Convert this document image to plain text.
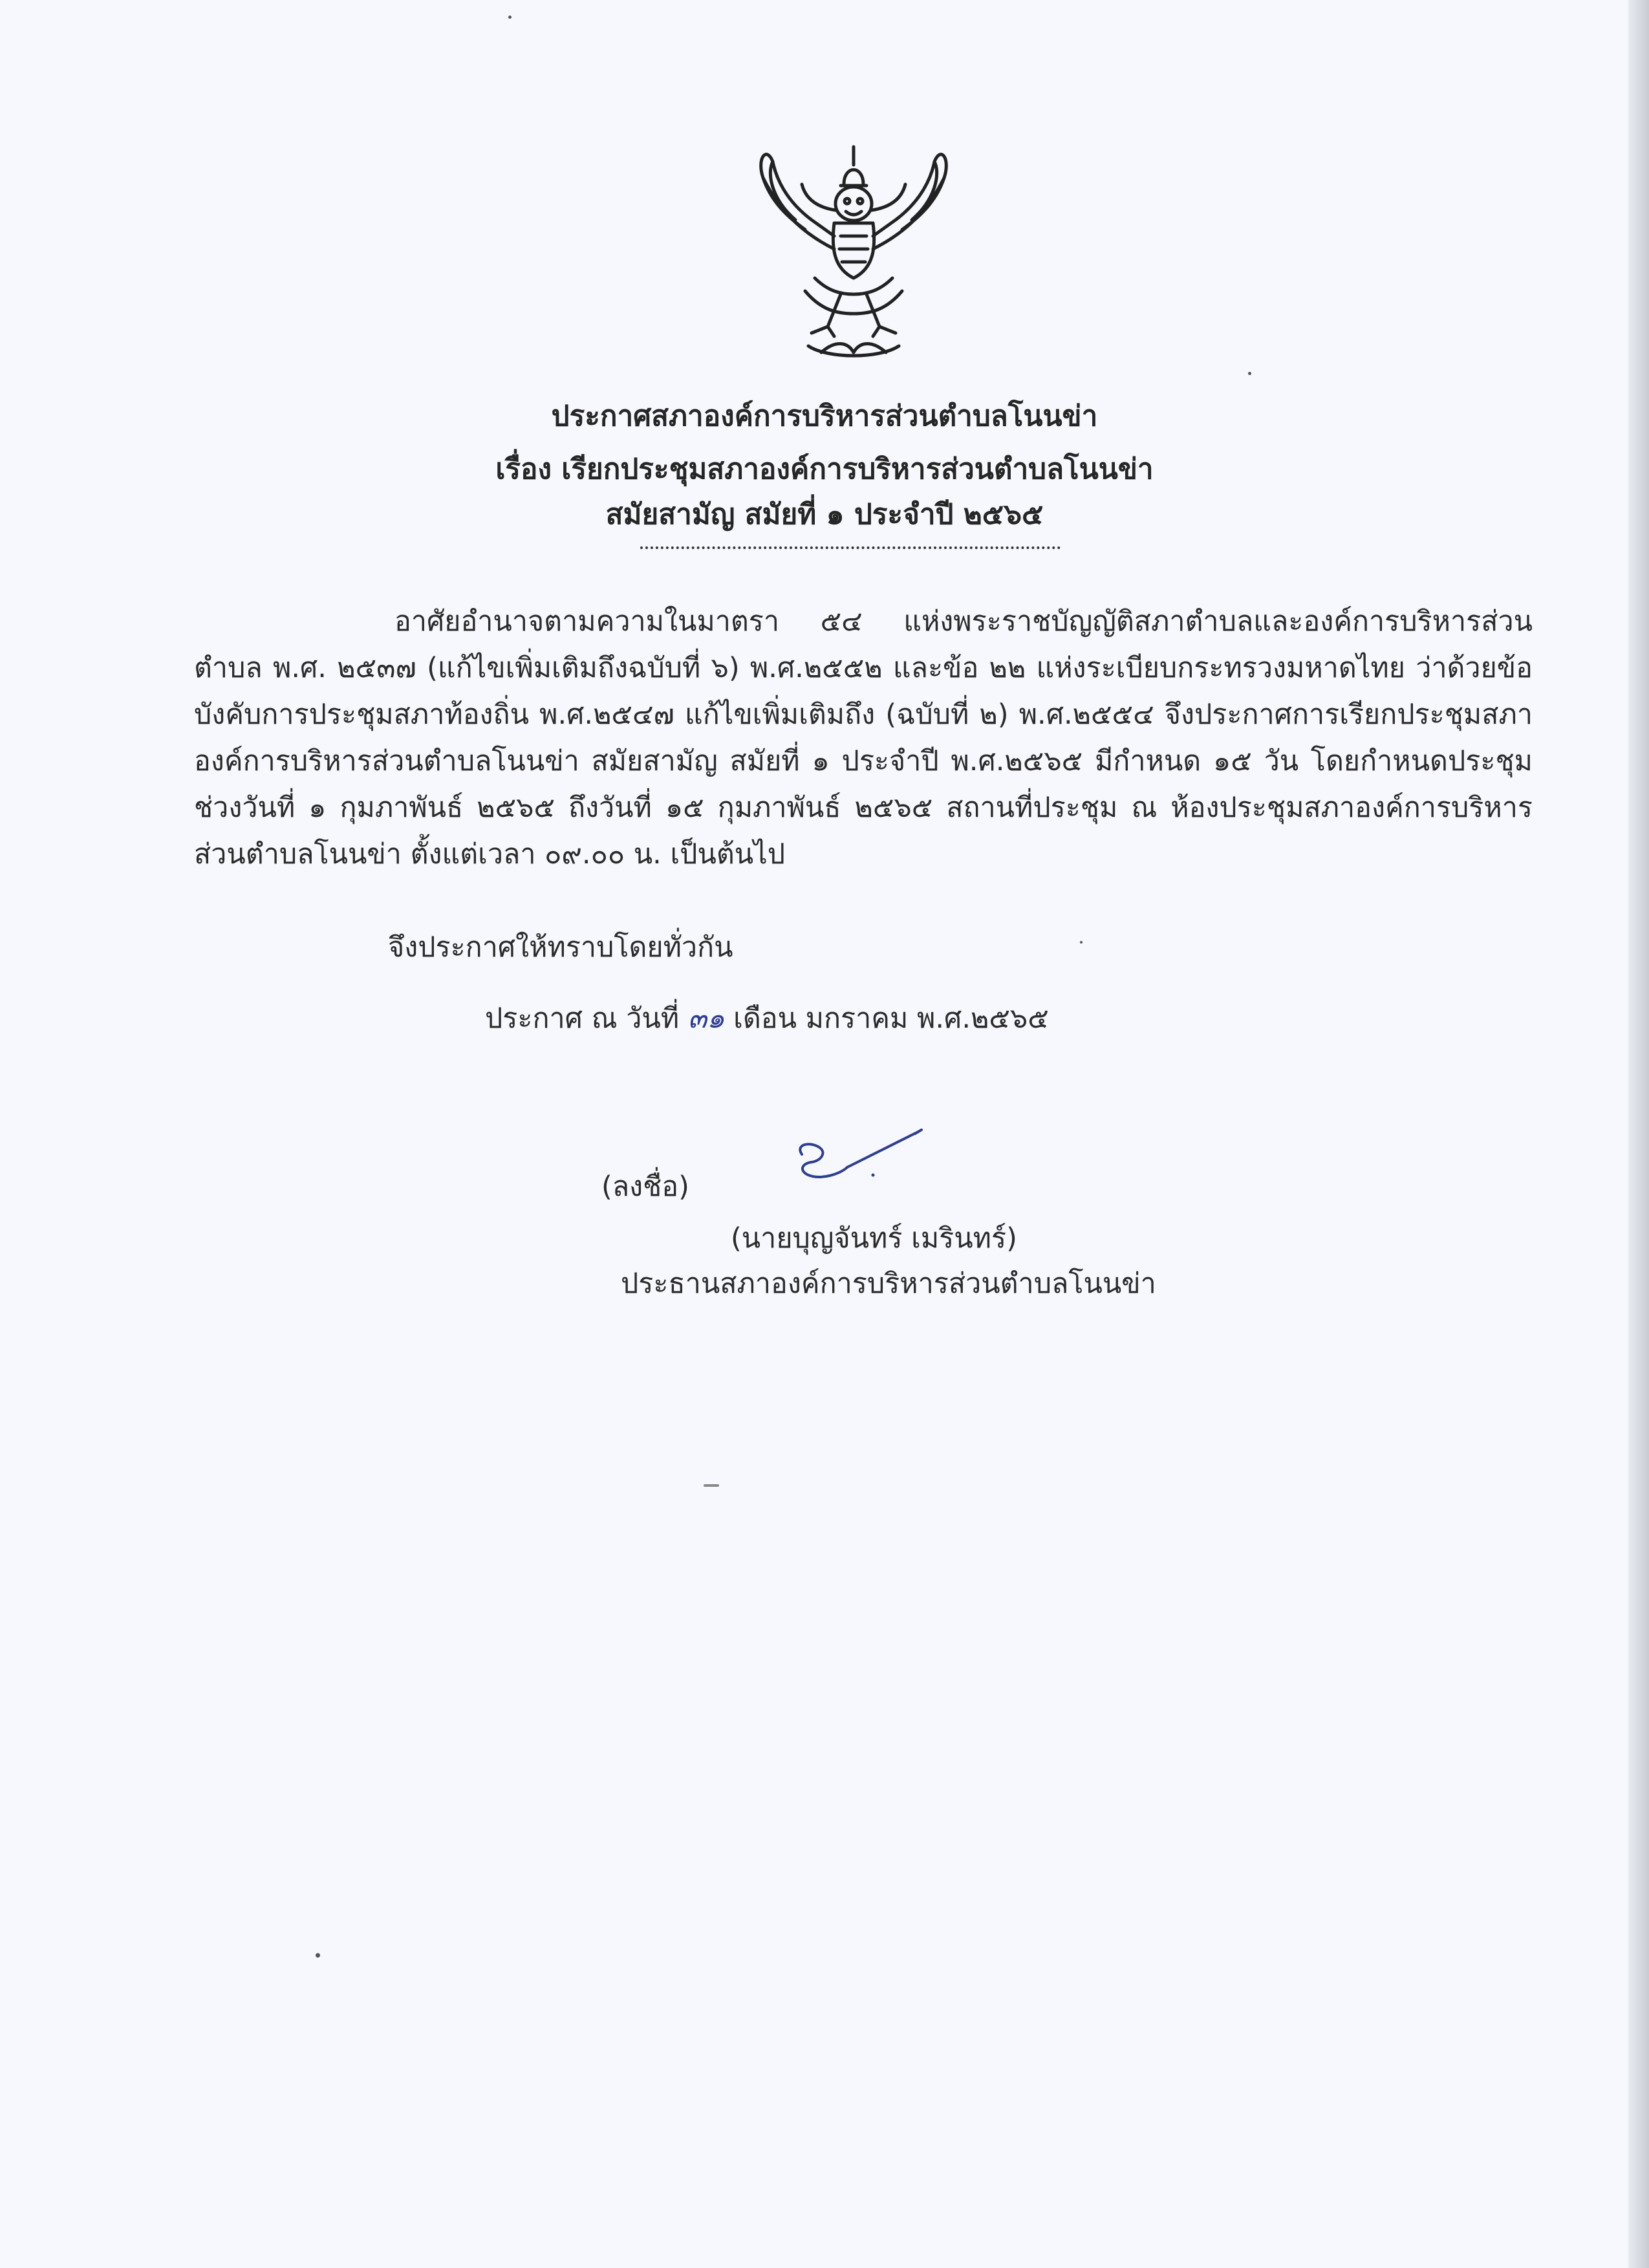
ประกาศสภาองค์การบริหารส่วนตำบลโนนข่า
เรื่อง เรียกประชุมสภาองค์การบริหารส่วนตำบลโนนข่า
สมัยสามัญ สมัยที่ ๑ ประจำปี ๒๕๖๕
อาศัยอำนาจตามความในมาตรา ๕๔ แห่งพระราชบัญญัติสภาตำบลและองค์การบริหารส่วนตำบล พ.ศ. ๒๕๓๗ (แก้ไขเพิ่มเติมถึงฉบับที่ ๖) พ.ศ.๒๕๕๒ และข้อ ๒๒ แห่งระเบียบกระทรวงมหาดไทย ว่าด้วยข้อบังคับการประชุมสภาท้องถิ่น พ.ศ.๒๕๔๗ แก้ไขเพิ่มเติมถึง (ฉบับที่ ๒) พ.ศ.๒๕๕๔ จึงประกาศการเรียกประชุมสภาองค์การบริหารส่วนตำบลโนนข่า สมัยสามัญ สมัยที่ ๑ ประจำปี พ.ศ.๒๕๖๕ มีกำหนด ๑๕ วัน โดยกำหนดประชุมช่วงวันที่ ๑ กุมภาพันธ์ ๒๕๖๕ ถึงวันที่ ๑๕ กุมภาพันธ์ ๒๕๖๕ สถานที่ประชุม ณ ห้องประชุมสภาองค์การบริหารส่วนตำบลโนนข่า ตั้งแต่เวลา ๐๙.๐๐ น. เป็นต้นไป
จึงประกาศให้ทราบโดยทั่วกัน
ประกาศ ณ วันที่ ๓๑ เดือน มกราคม พ.ศ.๒๕๖๕
(ลงชื่อ)
(นายบุญจันทร์ เมรินทร์)
ประธานสภาองค์การบริหารส่วนตำบลโนนข่า
